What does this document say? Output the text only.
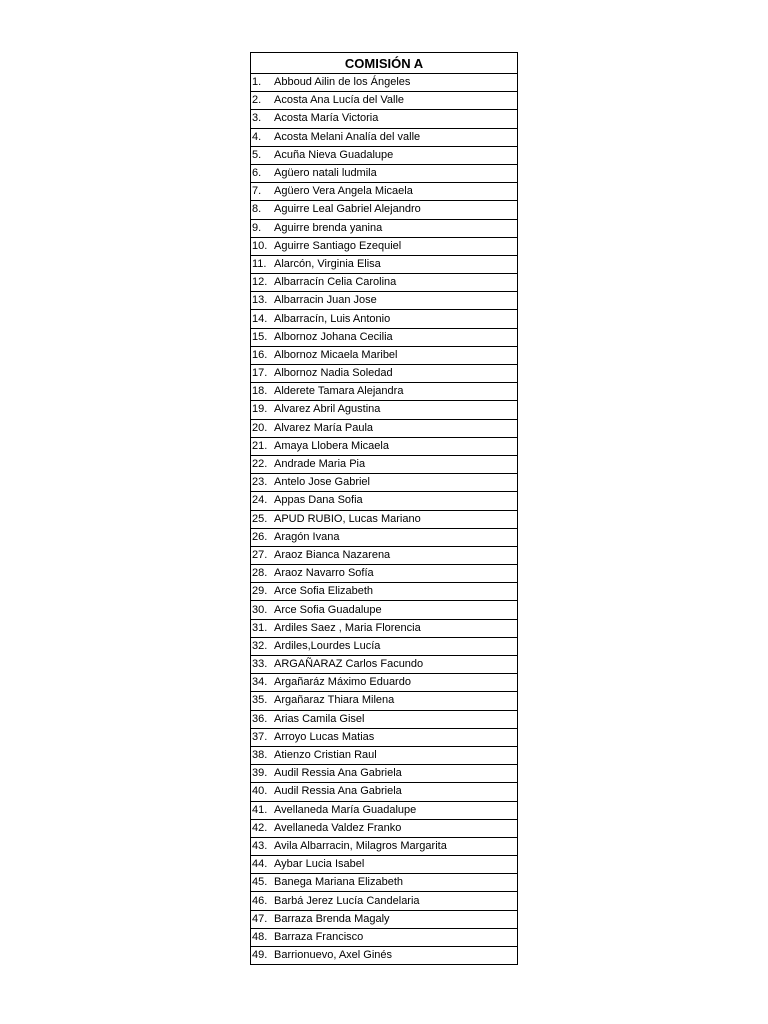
COMISIÓN A
1. Abboud Ailin de los Ángeles
2. Acosta Ana Lucía del Valle
3. Acosta María Victoria
4. Acosta Melani Analía del valle
5. Acuña Nieva Guadalupe
6. Agüero natali ludmila
7. Agüero Vera Angela Micaela
8. Aguirre Leal Gabriel Alejandro
9. Aguirre brenda yanina
10. Aguirre Santiago Ezequiel
11. Alarcón, Virginia Elisa
12. Albarracín Celia Carolina
13. Albarracin Juan Jose
14. Albarracín, Luis Antonio
15. Albornoz Johana Cecilia
16. Albornoz Micaela Maribel
17. Albornoz Nadia Soledad
18. Alderete Tamara Alejandra
19. Alvarez Abril Agustina
20. Alvarez María Paula
21. Amaya Llobera Micaela
22. Andrade Maria Pia
23. Antelo Jose Gabriel
24. Appas Dana Sofia
25. APUD RUBIO, Lucas Mariano
26. Aragón Ivana
27. Araoz Bianca Nazarena
28. Araoz Navarro Sofía
29. Arce Sofia Elizabeth
30. Arce Sofia Guadalupe
31. Ardiles Saez , Maria Florencia
32. Ardiles,Lourdes Lucía
33. ARGAÑARAZ Carlos Facundo
34. Argañaráz Máximo Eduardo
35. Argañaraz Thiara Milena
36. Arias Camila Gisel
37. Arroyo Lucas Matias
38. Atienzo Cristian Raul
39. Audil Ressia Ana Gabriela
40. Audil Ressia Ana Gabriela
41. Avellaneda María Guadalupe
42. Avellaneda Valdez Franko
43. Avila Albarracin, Milagros Margarita
44. Aybar Lucia Isabel
45. Banega Mariana Elizabeth
46. Barbá Jerez Lucía Candelaria
47. Barraza Brenda Magaly
48. Barraza Francisco
49. Barrionuevo, Axel Ginés
